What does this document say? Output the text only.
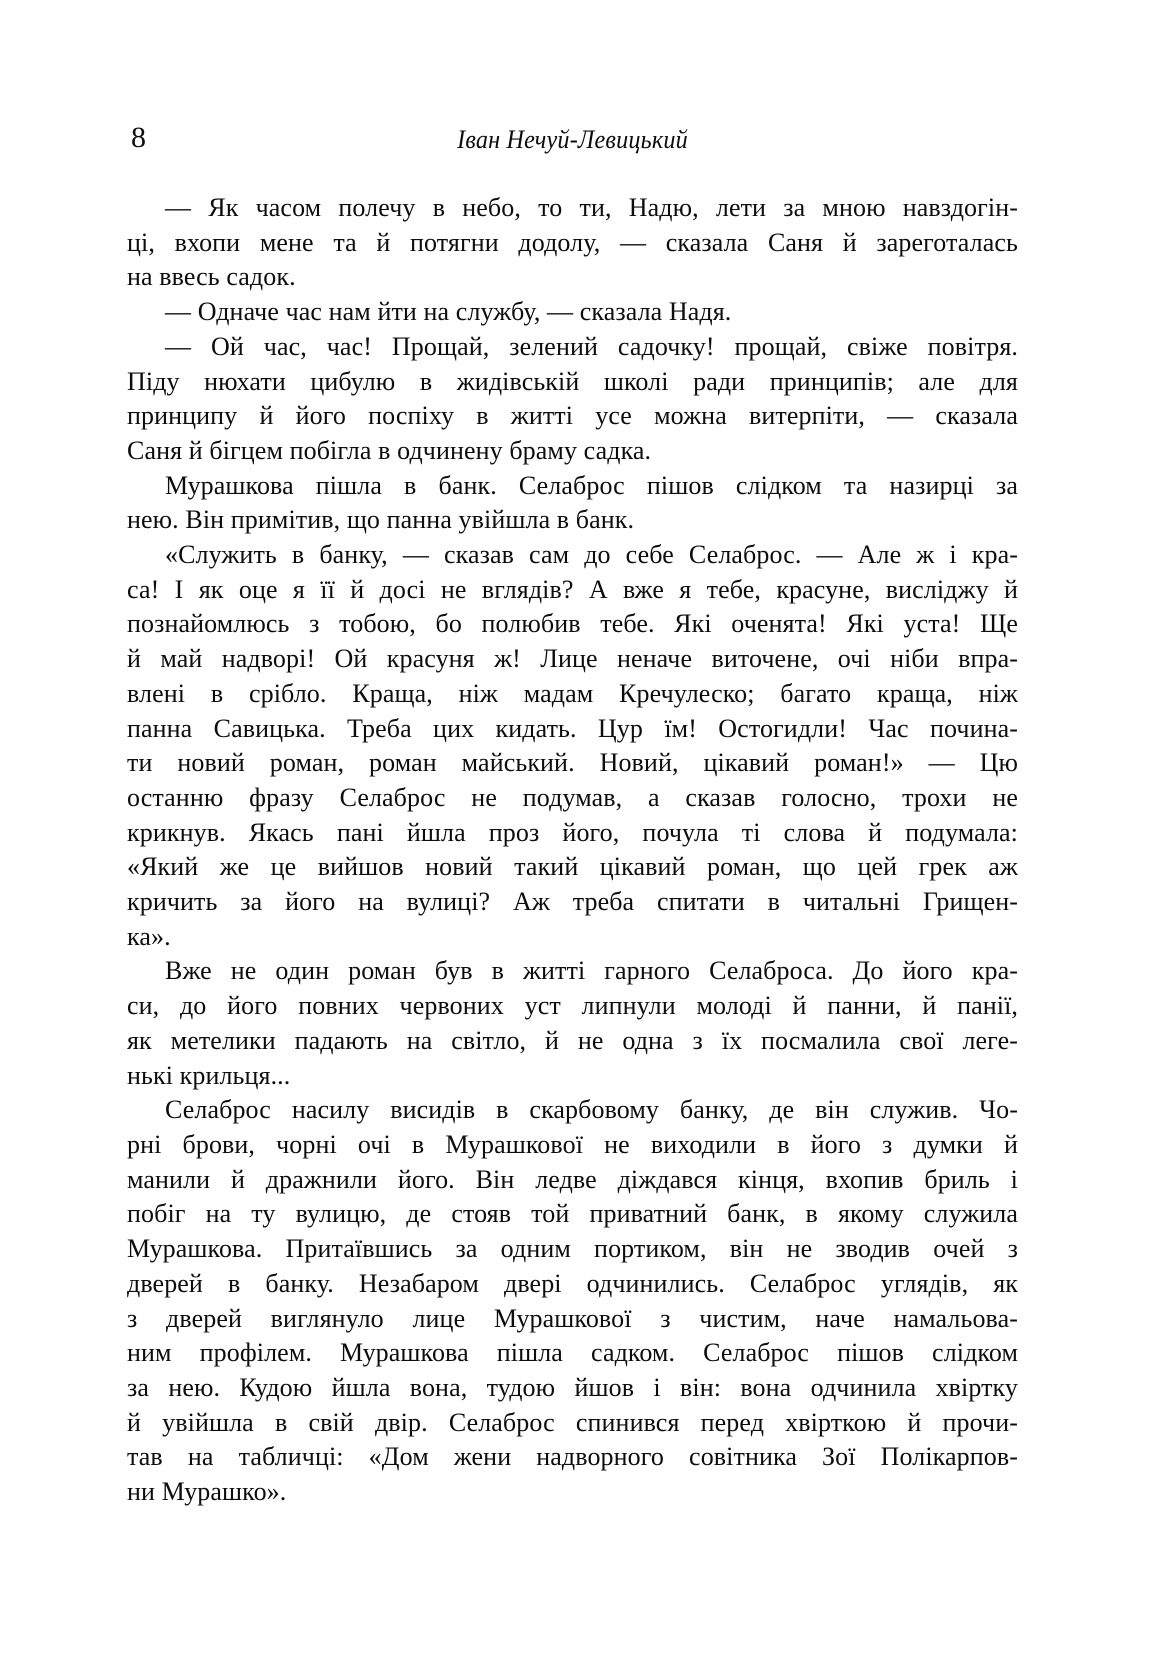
8	Іван Нечуй-Левицький

— Як часом полечу в небо, то ти, Надю, лети за мною навздогін-
ці, вхопи мене та й потягни додолу, — сказала Саня й зареготалась
на ввесь садок.

— Одначе час нам йти на службу, — сказала Надя.

— Ой час, час! Прощай, зелений садочку! прощай, свіже повітря.
Піду нюхати цибулю в жидівській школі ради принципів; але для
принципу й його поспіху в житті усе можна витерпіти, — сказала
Саня й бігцем побігла в одчинену браму садка.

Мурашкова пішла в банк. Селаброс пішов слідком та назирці за
нею. Він примітив, що панна увійшла в банк.

«Служить в банку, — сказав сам до себе Селаброс. — Але ж і кра-
са! І як оце я її й досі не вглядів? А вже я тебе, красуне, висліджу й
познайомлюсь з тобою, бо полюбив тебе. Які оченята! Які уста! Ще
й май надворі! Ой красуня ж! Лице неначе виточене, очі ніби впра-
влені в срібло. Краща, ніж мадам Кречулеско; багато краща, ніж
панна Савицька. Треба цих кидать. Цур їм! Остогидли! Час почина-
ти новий роман, роман майський. Новий, цікавий роман!» — Цю
останню фразу Селаброс не подумав, а сказав голосно, трохи не
крикнув. Якась пані йшла проз його, почула ті слова й подумала:
«Який же це вийшов новий такий цікавий роман, що цей грек аж
кричить за його на вулиці? Аж треба спитати в читальні Грищен-
ка».

Вже не один роман був в житті гарного Селаброса. До його кра-
си, до його повних червоних уст липнули молоді й панни, й панії,
як метелики падають на світло, й не одна з їх посмалила свої леге-
нькі крильця...

Селаброс насилу висидів в скарбовому банку, де він служив. Чо-
рні брови, чорні очі в Мурашкової не виходили в його з думки й
манили й дражнили його. Він ледве діждався кінця, вхопив бриль і
побіг на ту вулицю, де стояв той приватний банк, в якому служила
Мурашкова. Притаївшись за одним портиком, він не зводив очей з
дверей в банку. Незабаром двері одчинились. Селаброс углядів, як
з дверей виглянуло лице Мурашкової з чистим, наче намальова-
ним профілем. Мурашкова пішла садком. Селаброс пішов слідком
за нею. Кудою йшла вона, тудою йшов і він: вона одчинила хвіртку
й увійшла в свій двір. Селаброс спинився перед хвірткою й прочи-
тав на табличці: «Дом жени надворного совітника Зої Полікарпов-
ни Мурашко».
